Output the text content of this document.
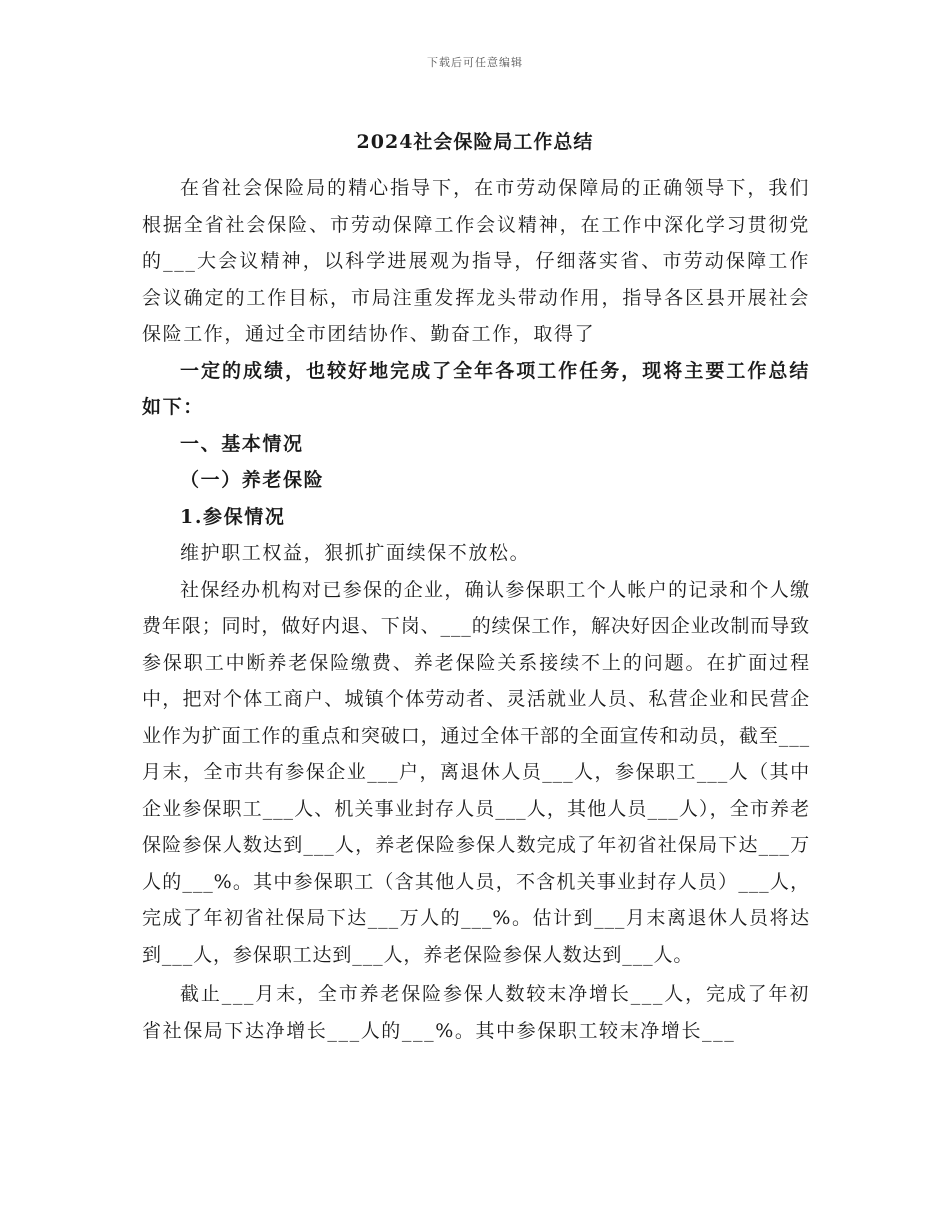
下载后可任意编辑
2024社会保险局工作总结

在省社会保险局的精心指导下，在市劳动保障局的正确领导下，我们根据全省社会保险、市劳动保障工作会议精神，在工作中深化学习贯彻党的___大会议精神，以科学进展观为指导，仔细落实省、市劳动保障工作会议确定的工作目标，市局注重发挥龙头带动作用，指导各区县开展社会保险工作，通过全市团结协作、勤奋工作，取得了

一定的成绩，也较好地完成了全年各项工作任务，现将主要工作总结如下：

一、基本情况

（一）养老保险

1.参保情况

维护职工权益，狠抓扩面续保不放松。

社保经办机构对已参保的企业，确认参保职工个人帐户的记录和个人缴费年限；同时，做好内退、下岗、___的续保工作，解决好因企业改制而导致参保职工中断养老保险缴费、养老保险关系接续不上的问题。在扩面过程中，把对个体工商户、城镇个体劳动者、灵活就业人员、私营企业和民营企业作为扩面工作的重点和突破口，通过全体干部的全面宣传和动员，截至___月末，全市共有参保企业___户，离退休人员___人，参保职工___人（其中企业参保职工___人、机关事业封存人员___人，其他人员___人），全市养老保险参保人数达到___人，养老保险参保人数完成了年初省社保局下达___万人的___%。其中参保职工（含其他人员，不含机关事业封存人员）___人，完成了年初省社保局下达___万人的___%。估计到___月末离退休人员将达到___人，参保职工达到___人，养老保险参保人数达到___人。

截止___月末，全市养老保险参保人数较末净增长___人，完成了年初省社保局下达净增长___人的___%。其中参保职工较末净增长___
